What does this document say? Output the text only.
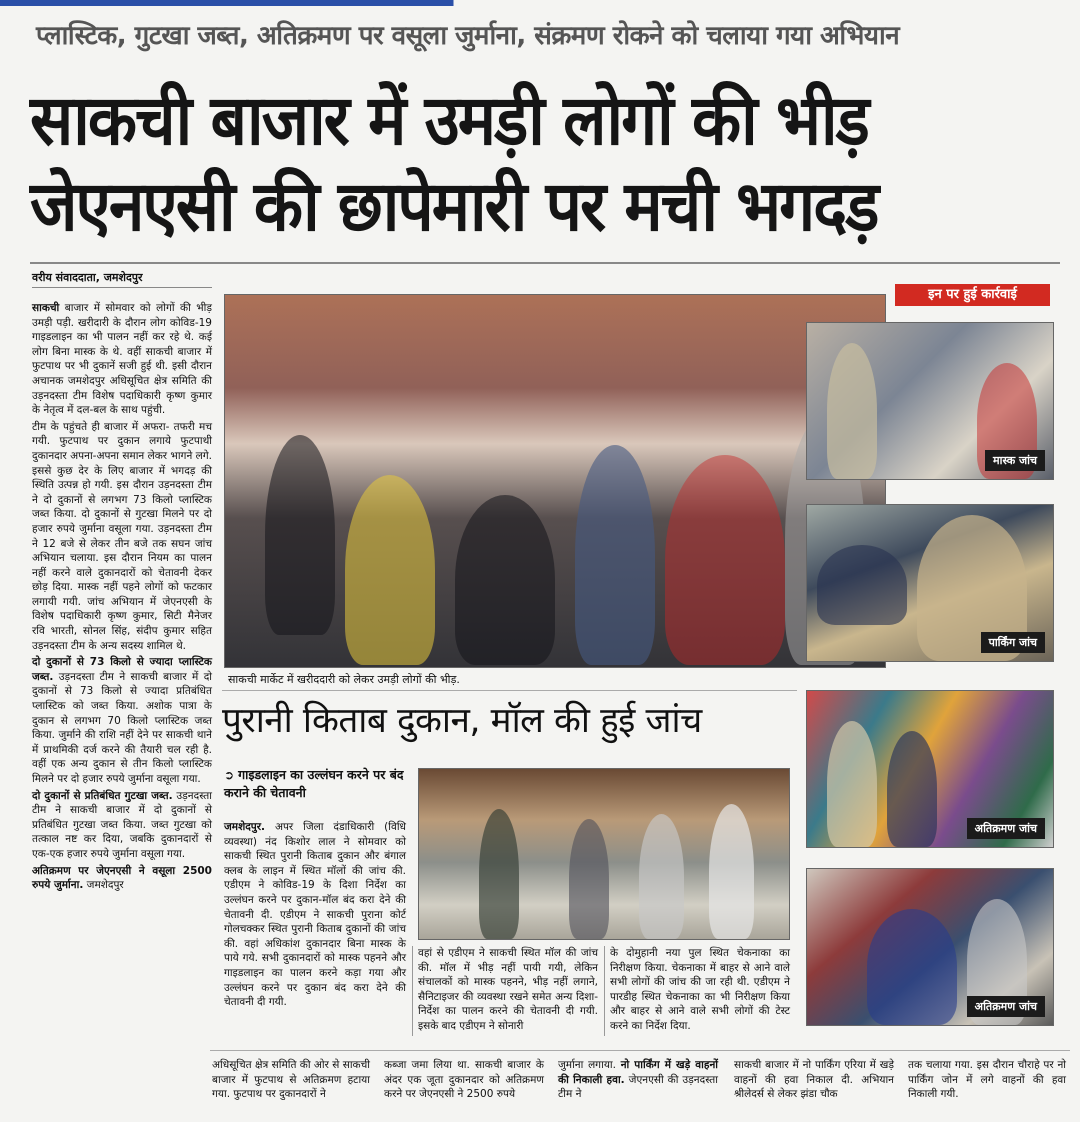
प्लास्टिक, गुटखा जब्त, अतिक्रमण पर वसूला जुर्माना, संक्रमण रोकने को चलाया गया अभियान
साकची बाजार में उमड़ी लोगों की भीड़
जेएनएसी की छापेमारी पर मची भगदड़
वरीय संवाददाता, जमशेदपुर

साकची बाजार में सोमवार को लोगों की भीड़ उमड़ी पड़ी. खरीदारी के दौरान लोग कोविड-19 गाइडलाइन का भी पालन नहीं कर रहे थे. कई लोग बिना मास्क के थे. वहीं साकची बाजार में फुटपाथ पर भी दुकानें सजी हुई थी. इसी दौरान अचानक जमशेदपुर अधिसूचित क्षेत्र समिति की उड़नदस्ता टीम विशेष पदाधिकारी कृष्ण कुमार के नेतृत्व में दल-बल के साथ पहुंची.

टीम के पहुंचते ही बाजार में अफरा- तफरी मच गयी. फुटपाथ पर दुकान लगाये फुटपाथी दुकानदार अपना-अपना समान लेकर भागने लगे. इससे कुछ देर के लिए बाजार में भगदड़ की स्थिति उत्पन्न हो गयी. इस दौरान उड़नदस्ता टीम ने दो दुकानों से लगभग 73 किलो प्लास्टिक जब्त किया. दो दुकानों से गुटखा मिलने पर दो हजार रुपये जुर्माना वसूला गया. उड़नदस्ता टीम ने 12 बजे से लेकर तीन बजे तक सघन जांच अभियान चलाया. इस दौरान नियम का पालन नहीं करने वाले दुकानदारों को चेतावनी देकर छोड़ दिया. मास्क नहीं पहने लोगों को फटकार लगायी गयी. जांच अभियान में जेएनएसी के विशेष पदाधिकारी कृष्ण कुमार, सिटी मैनेजर रवि भारती, सोनल सिंह, संदीप कुमार सहित उड़नदस्ता टीम के अन्य सदस्य शामिल थे.

दो दुकानों से 73 किलो से ज्यादा प्लास्टिक जब्त. उड़नदस्ता टीम ने साकची बाजार में दो दुकानों से 73 किलो से ज्यादा प्रतिबंधित प्लास्टिक को जब्त किया. अशोक पात्रा के दुकान से लगभग 70 किलो प्लास्टिक जब्त किया. जुर्माने की राशि नहीं देने पर साकची थाने में प्राथमिकी दर्ज करने की तैयारी चल रही है. वहीं एक अन्य दुकान से तीन किलो प्लास्टिक मिलने पर दो हजार रुपये जुर्माना वसूला गया.

दो दुकानों से प्रतिबंधित गुटखा जब्त. उड़नदस्ता टीम ने साकची बाजार में दो दुकानों से प्रतिबंधित गुटखा जब्त किया. जब्त गुटखा को तत्काल नष्ट कर दिया, जबकि दुकानदारों से एक-एक हजार रुपये जुर्माना वसूला गया.

अतिक्रमण पर जेएनएसी ने वसूला 2500 रुपये जुर्माना. जमशेदपुर

साकची मार्केट में खरीददारी को लेकर उमड़ी लोगों की भीड़.
इन पर हुई कार्रवाई
मास्क जांच
पार्किंग जांच
अतिक्रमण जांच
अतिक्रमण जांच
पुरानी किताब दुकान, मॉल की हुई जांच
➲ गाइडलाइन का उल्लंघन करने पर बंद कराने की चेतावनी

जमशेदपुर. अपर जिला दंडाधिकारी (विधि व्यवस्था) नंद किशोर लाल ने सोमवार को साकची स्थित पुरानी किताब दुकान और बंगाल क्लब के लाइन में स्थित मॉलों की जांच की. एडीएम ने कोविड-19 के दिशा निर्देश का उल्लंघन करने पर दुकान-मॉल बंद करा देने की चेतावनी दी. एडीएम ने साकची पुराना कोर्ट गोलचक्कर स्थित पुरानी किताब दुकानों की जांच की. वहां अधिकांश दुकानदार बिना मास्क के पाये गये. सभी दुकानदारों को मास्क पहनने और गाइडलाइन का पालन करने कड़ा गया और उल्लंघन करने पर दुकान बंद करा देने की चेतावनी दी गयी.

वहां से एडीएम ने साकची स्थित मॉल की जांच की. मॉल में भीड़ नहीं पायी गयी, लेकिन संचालकों को मास्क पहनने, भीड़ नहीं लगाने, सैनिटाइजर की व्यवस्था रखने समेत अन्य दिशा-निर्देश का पालन करने की चेतावनी दी गयी. इसके बाद एडीएम ने सोनारी

के दोमुहानी नया पुल स्थित चेकनाका का निरीक्षण किया. चेकनाका में बाहर से आने वाले सभी लोगों की जांच की जा रही थी. एडीएम ने पारडीह स्थित चेकनाका का भी निरीक्षण किया और बाहर से आने वाले सभी लोगों की टेस्ट करने का निर्देश दिया.

अधिसूचित क्षेत्र समिति की ओर से साकची बाजार में फुटपाथ से अतिक्रमण हटाया गया. फुटपाथ पर दुकानदारों ने

कब्जा जमा लिया था. साकची बाजार के अंदर एक जूता दुकानदार को अतिक्रमण करने पर जेएनएसी ने 2500 रुपये

जुर्माना लगाया. नो पार्किंग में खड़े वाहनों की निकाली हवा. जेएनएसी की उड़नदस्ता टीम ने

साकची बाजार में नो पार्किंग एरिया में खड़े वाहनों की हवा निकाल दी. अभियान श्रीलेदर्स से लेकर झंडा चौक

तक चलाया गया. इस दौरान चौराहे पर नो पार्किंग जोन में लगे वाहनों की हवा निकाली गयी.
